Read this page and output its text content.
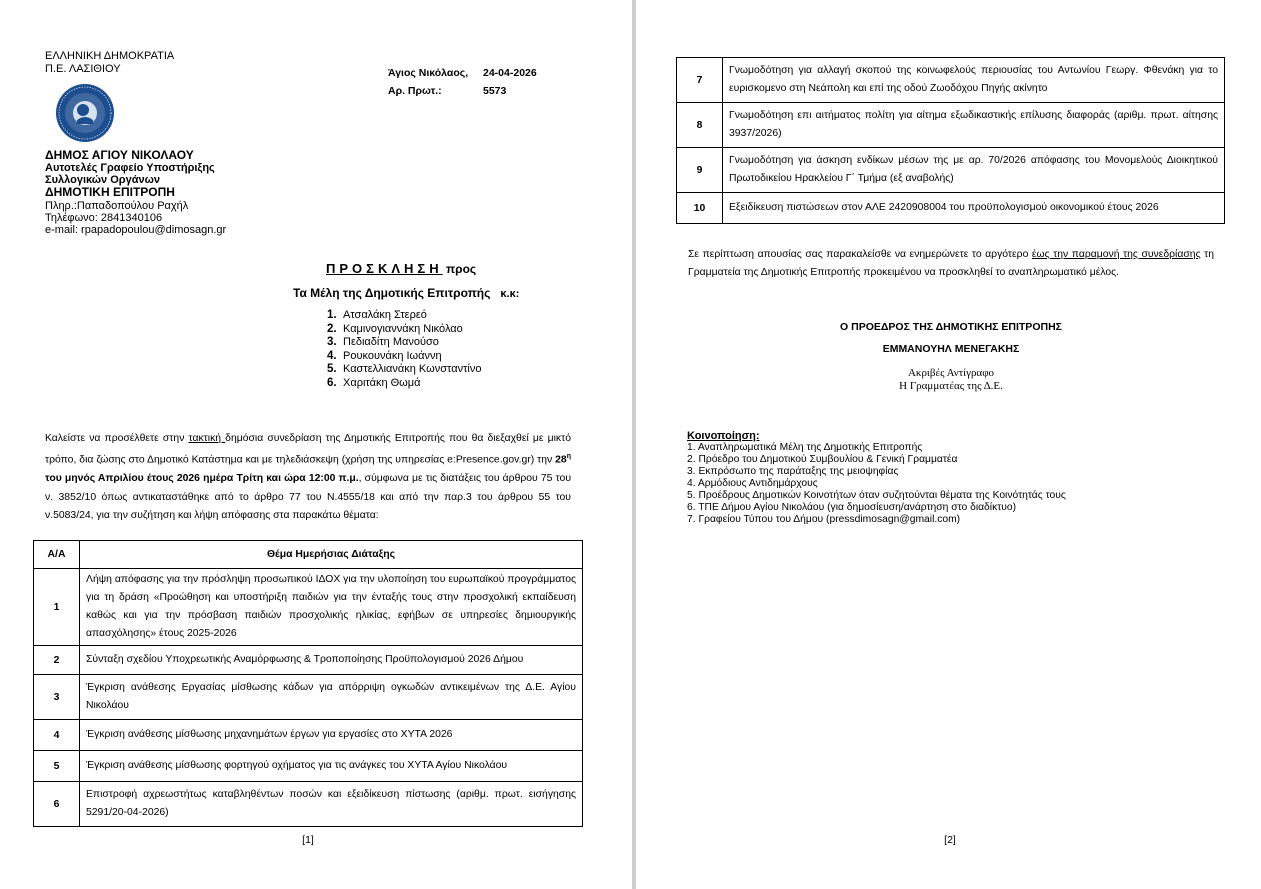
ΕΛΛΗΝΙΚΗ ΔΗΜΟΚΡΑΤΙΑ
Π.Ε. ΛΑΣΙΘΙΟΥ
ΔΗΜΟΣ ΑΓΙΟΥ ΝΙΚΟΛΑΟΥ
Αυτοτελές Γραφείο Υποστήριξης
Συλλογικών Οργάνων
ΔΗΜΟΤΙΚΗ ΕΠΙΤΡΟΠΗ
Πληρ.:Παπαδοπούλου Ραχήλ
Τηλέφωνο: 2841340106
e-mail: rpapadopoulou@dimosagn.gr
Άγιος Νικόλαος, 24-04-2026
Αρ. Πρωτ.:	5573
ΠΡΟΣΚΛΗΣΗ προς
Τα Μέλη της Δημοτικής Επιτροπής κ.κ:
1. Ατσαλάκη Στερεό
2. Καμινογιαννάκη Νικόλαο
3. Πεδιαδίτη Μανούσο
4. Ρουκουνάκη Ιωάννη
5. Καστελλιανάκη Κωνσταντίνο
6. Χαριτάκη Θωμά
Καλείστε να προσέλθετε στην τακτική δημόσια συνεδρίαση της Δημοτικής Επιτροπής που θα διεξαχθεί με μικτό τρόπο, δια ζώσης στο Δημοτικό Κατάστημα και με τηλεδιάσκεψη (χρήση της υπηρεσίας e:Presence.gov.gr) την $28^\eta$ του μηνός Απριλίου έτους 2026 ημέρα Τρίτη και ώρα 12:00 π.μ., σύμφωνα με τις διατάξεις του άρθρου 75 του ν. 3852/10 όπως αντικαταστάθηκε από το άρθρο 77 του Ν.4555/18 και από την παρ.3 του άρθρου 55 του ν.5083/24, για την συζήτηση και λήψη απόφασης στα παρακάτω θέματα:
Α/Α	Θέμα Ημερήσιας Διάταξης
1	Λήψη απόφασης για την πρόσληψη προσωπικού ΙΔΟΧ για την υλοποίηση του ευρωπαϊκού προγράμματος για τη δράση «Προώθηση και υποστήριξη παιδιών για την ένταξής τους στην προσχολική εκπαίδευση καθώς και για την πρόσβαση παιδιών προσχολικής ηλικίας, εφήβων σε υπηρεσίες δημιουργικής απασχόλησης» έτους 2025-2026
2	Σύνταξη σχεδίου Υποχρεωτικής Αναμόρφωσης & Τροποποίησης Προϋπολογισμού 2026 Δήμου
3	Έγκριση ανάθεσης Εργασίας μίσθωσης κάδων για απόρριψη ογκωδών αντικειμένων της Δ.Ε. Αγίου Νικολάου
4	Έγκριση ανάθεσης μίσθωσης μηχανημάτων έργων για εργασίες στο ΧΥΤΑ 2026
5	Έγκριση ανάθεσης μίσθωσης φορτηγού οχήματος για τις ανάγκες του ΧΥΤΑ Αγίου Νικολάου
6	Επιστροφή αχρεωστήτως καταβληθέντων ποσών και εξειδίκευση πίστωσης (αριθμ. πρωτ. εισήγησης 5291/20-04-2026)
[1]
7	Γνωμοδότηση για αλλαγή σκοπού της κοινωφελούς περιουσίας του Αντωνίου Γεωργ. Φθενάκη για το ευρισκομενο στη Νεάπολη και επί της οδού Ζωοδόχου Πηγής ακίνητο
8	Γνωμοδότηση επι αιτήματος πολίτη για αίτημα εξωδικαστικής επίλυσης διαφοράς (αριθμ. πρωτ. αίτησης 3937/2026)
9	Γνωμοδότηση για άσκηση ενδίκων μέσων της με αρ. 70/2026 απόφασης του Μονομελούς Διοικητικού Πρωτοδικείου Ηρακλείου Γ΄ Τμήμα (εξ αναβολής)
10	Εξειδίκευση πιστώσεων στον ΑΛΕ 2420908004 του προϋπολογισμού οικονομικού έτους 2026
Σε περίπτωση απουσίας σας παρακαλείσθε να ενημερώνετε το αργότερο έως την παραμονή της συνεδρίασης τη Γραμματεία της Δημοτικής Επιτροπής προκειμένου να προσκληθεί το αναπληρωματικό μέλος.
Ο ΠΡΟΕΔΡΟΣ ΤΗΣ ΔΗΜΟΤΙΚΗΣ ΕΠΙΤΡΟΠΗΣ
ΕΜΜΑΝΟΥΗΛ ΜΕΝΕΓΑΚΗΣ
Ακριβές Αντίγραφο
Η Γραμματέας της Δ.Ε.
Κοινοποίηση:
1. Αναπληρωματικά Μέλη της Δημοτικής Επιτροπής
2. Πρόεδρο του Δημοτικού Συμβουλίου & Γενική Γραμματέα
3. Εκπρόσωπο της παράταξης της μειοψηφίας
4. Αρμόδιους Αντιδημάρχους
5. Προέδρους Δημοτικών Κοινοτήτων όταν συζητούνται θέματα της Κοινότητάς τους
6. ΤΠΕ Δήμου Αγίου Νικολάου (για δημοσίευση/ανάρτηση στο διαδίκτυο)
7. Γραφείου Τύπου του Δήμου (pressdimosagn@gmail.com)
[2]
